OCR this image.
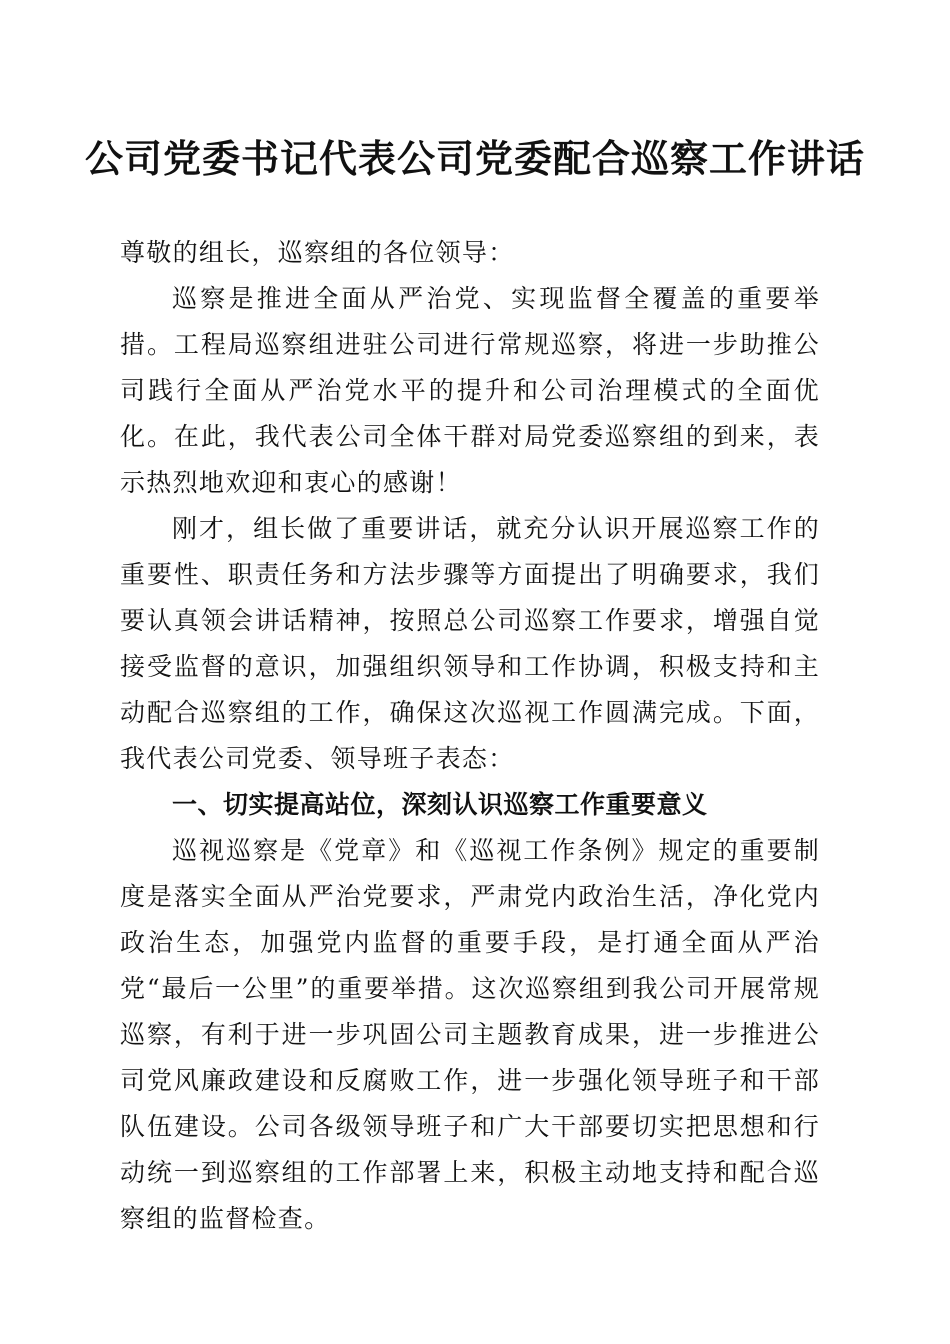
公司党委书记代表公司党委配合巡察工作讲话

尊敬的组长，巡察组的各位领导：

巡察是推进全面从严治党、实现监督全覆盖的重要举措。工程局巡察组进驻公司进行常规巡察，将进一步助推公司践行全面从严治党水平的提升和公司治理模式的全面优化。在此，我代表公司全体干群对局党委巡察组的到来，表示热烈地欢迎和衷心的感谢！

刚才，组长做了重要讲话，就充分认识开展巡察工作的重要性、职责任务和方法步骤等方面提出了明确要求，我们要认真领会讲话精神，按照总公司巡察工作要求，增强自觉接受监督的意识，加强组织领导和工作协调，积极支持和主动配合巡察组的工作，确保这次巡视工作圆满完成。下面，我代表公司党委、领导班子表态：

一、切实提高站位，深刻认识巡察工作重要意义

巡视巡察是《党章》和《巡视工作条例》规定的重要制度是落实全面从严治党要求，严肃党内政治生活，净化党内政治生态，加强党内监督的重要手段，是打通全面从严治党“最后一公里”的重要举措。这次巡察组到我公司开展常规巡察，有利于进一步巩固公司主题教育成果，进一步推进公司党风廉政建设和反腐败工作，进一步强化领导班子和干部队伍建设。公司各级领导班子和广大干部要切实把思想和行动统一到巡察组的工作部署上来，积极主动地支持和配合巡察组的监督检查。
